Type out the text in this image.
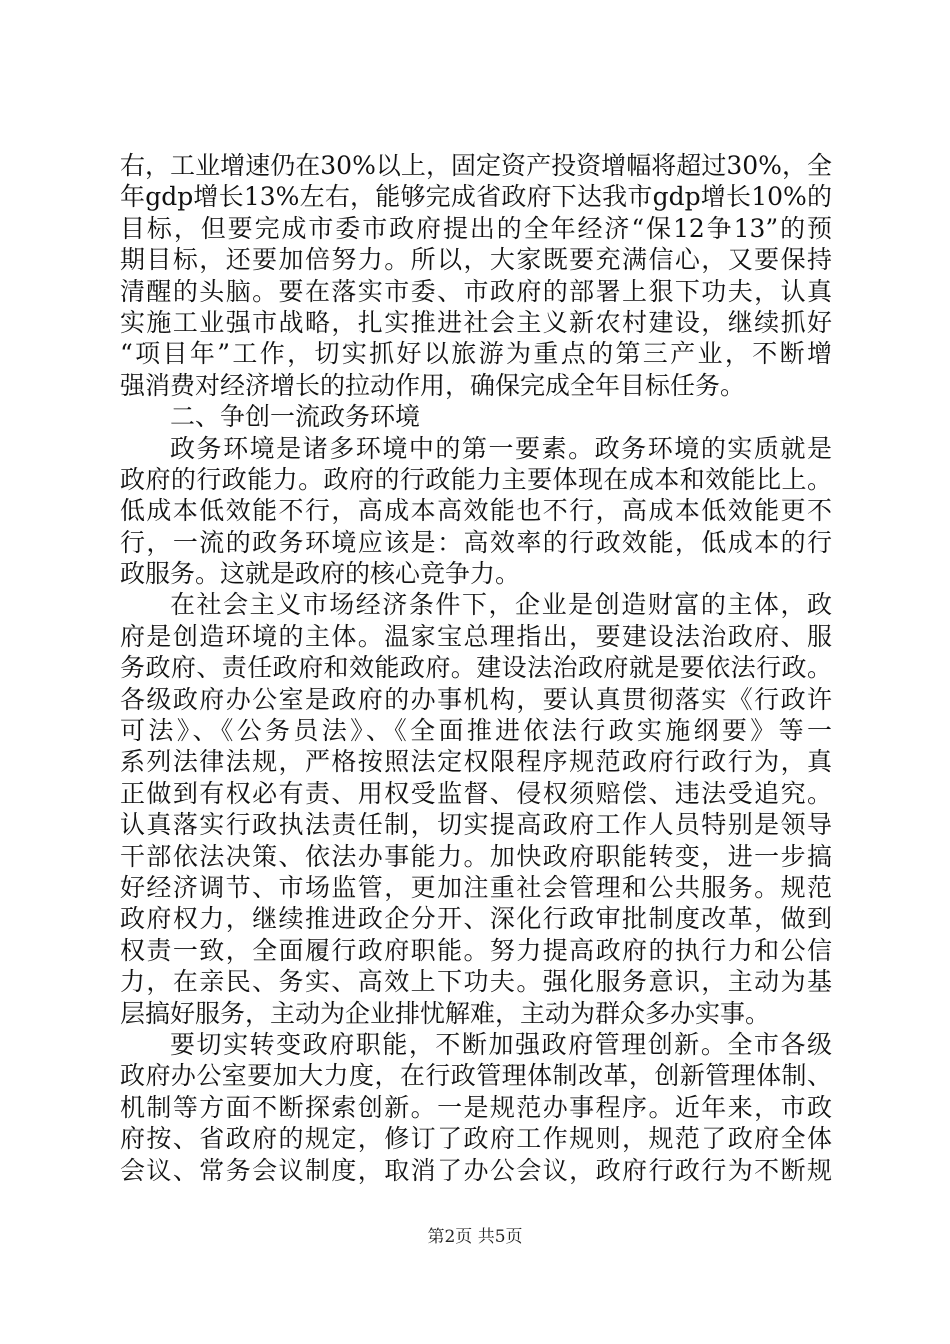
右，工业增速仍在30%以上，固定资产投资增幅将超过30%，全
年gdp增长13%左右，能够完成省政府下达我市gdp增长10%的
目标，但要完成市委市政府提出的全年经济“保12争13”的预
期目标，还要加倍努力。所以，大家既要充满信心，又要保持
清醒的头脑。要在落实市委、市政府的部署上狠下功夫，认真
实施工业强市战略，扎实推进社会主义新农村建设，继续抓好
“项目年”工作，切实抓好以旅游为重点的第三产业，不断增
强消费对经济增长的拉动作用，确保完成全年目标任务。
二、争创一流政务环境
政务环境是诸多环境中的第一要素。政务环境的实质就是
政府的行政能力。政府的行政能力主要体现在成本和效能比上。
低成本低效能不行，高成本高效能也不行，高成本低效能更不
行，一流的政务环境应该是：高效率的行政效能，低成本的行
政服务。这就是政府的核心竞争力。
在社会主义市场经济条件下，企业是创造财富的主体，政
府是创造环境的主体。温家宝总理指出，要建设法治政府、服
务政府、责任政府和效能政府。建设法治政府就是要依法行政。
各级政府办公室是政府的办事机构，要认真贯彻落实《行政许
可法》、《公务员法》、《全面推进依法行政实施纲要》等一
系列法律法规，严格按照法定权限程序规范政府行政行为，真
正做到有权必有责、用权受监督、侵权须赔偿、违法受追究。
认真落实行政执法责任制，切实提高政府工作人员特别是领导
干部依法决策、依法办事能力。加快政府职能转变，进一步搞
好经济调节、市场监管，更加注重社会管理和公共服务。规范
政府权力，继续推进政企分开、深化行政审批制度改革，做到
权责一致，全面履行政府职能。努力提高政府的执行力和公信
力，在亲民、务实、高效上下功夫。强化服务意识，主动为基
层搞好服务，主动为企业排忧解难，主动为群众多办实事。
要切实转变政府职能，不断加强政府管理创新。全市各级
政府办公室要加大力度，在行政管理体制改革，创新管理体制、
机制等方面不断探索创新。一是规范办事程序。近年来，市政
府按、省政府的规定，修订了政府工作规则，规范了政府全体
会议、常务会议制度，取消了办公会议，政府行政行为不断规
第2页 共5页
